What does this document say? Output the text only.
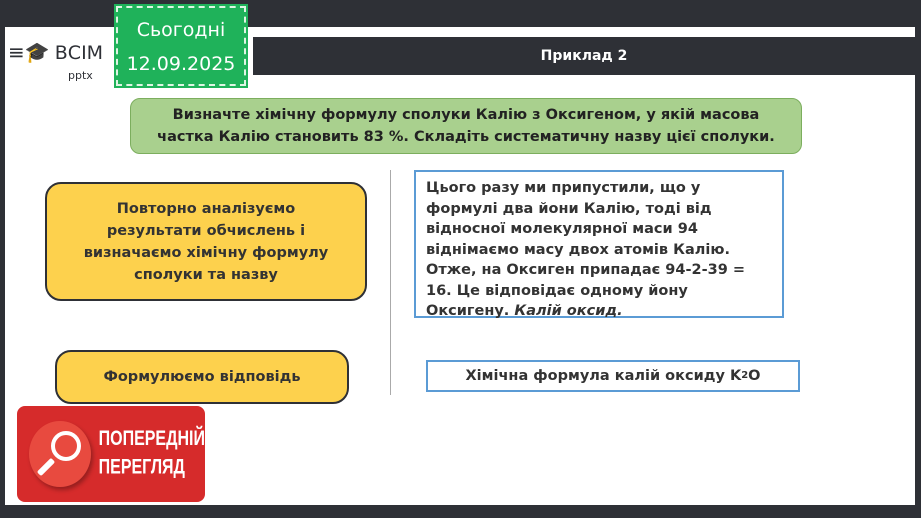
Приклад 2
≡🎓 ВСІМ
pptx
Сьогодні
12.09.2025
Визначте хімічну формулу сполуки Калію з Оксигеном, у якій масова частка Калію становить 83 %. Складіть систематичну назву цієї сполуки.
Повторно аналізуємо результати обчислень і визначаємо хімічну формулу сполуки та назву
Формулюємо відповідь
Цього разу ми припустили, що у формулі два йони Калію, тоді від відносної молекулярної маси 94 віднімаємо масу двох атомів Калію. Отже, на Оксиген припадає 94-2-39 = 16. Це відповідає одному йону Оксигену. Калій оксид.
Хімічна формула калій оксиду K 2 O
ПОПЕРЕДНІЙ
ПЕРЕГЛЯД
